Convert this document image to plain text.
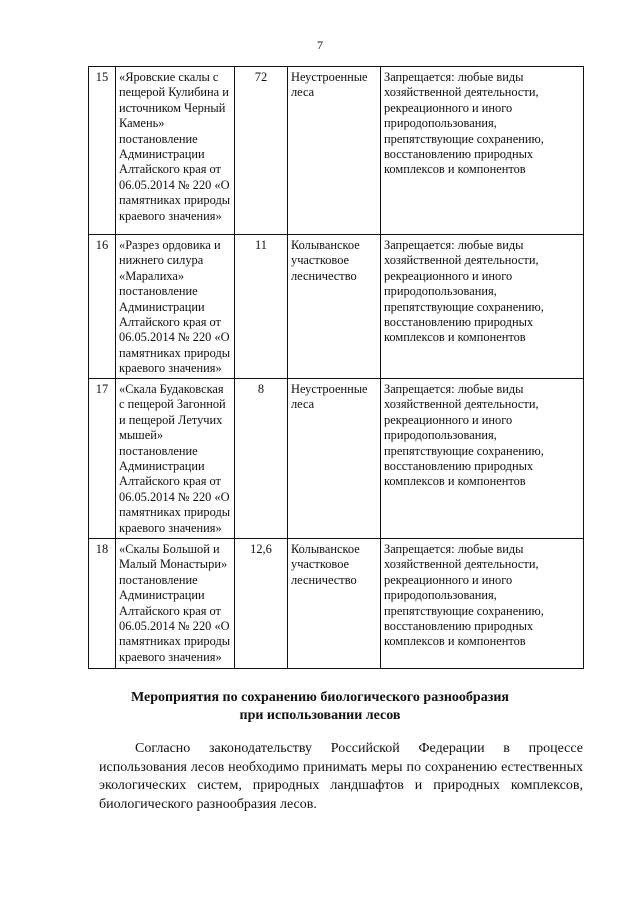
7
15	«Яровские скалы с пещерой Кулибина и источником Черный Камень» постановление Администрации Алтайского края от 06.05.2014 № 220 «О памятниках природы краевого значения»	72	Неустроенные леса	Запрещается: любые виды хозяйственной деятельности, рекреационного и иного природопользования, препятствующие сохранению, восстановлению природных комплексов и компонентов
16	«Разрез ордовика и нижнего силура «Маралиха» постановление Администрации Алтайского края от 06.05.2014 № 220 «О памятниках природы краевого значения»	11	Колыванское участковое лесничество	Запрещается: любые виды хозяйственной деятельности, рекреационного и иного природопользования, препятствующие сохранению, восстановлению природных комплексов и компонентов
17	«Скала Будаковская с пещерой Загонной и пещерой Летучих мышей» постановление Администрации Алтайского края от 06.05.2014 № 220 «О памятниках природы краевого значения»	8	Неустроенные леса	Запрещается: любые виды хозяйственной деятельности, рекреационного и иного природопользования, препятствующие сохранению, восстановлению природных комплексов и компонентов
18	«Скалы Большой и Малый Монастыри» постановление Администрации Алтайского края от 06.05.2014 № 220 «О памятниках природы краевого значения»	12,6	Колыванское участковое лесничество	Запрещается: любые виды хозяйственной деятельности, рекреационного и иного природопользования, препятствующие сохранению, восстановлению природных комплексов и компонентов
Мероприятия по сохранению биологического разнообразия
при использовании лесов
Согласно законодательству Российской Федерации в процессе использования лесов необходимо принимать меры по сохранению естественных экологических систем, природных ландшафтов и природных комплексов, биологического разнообразия лесов.
